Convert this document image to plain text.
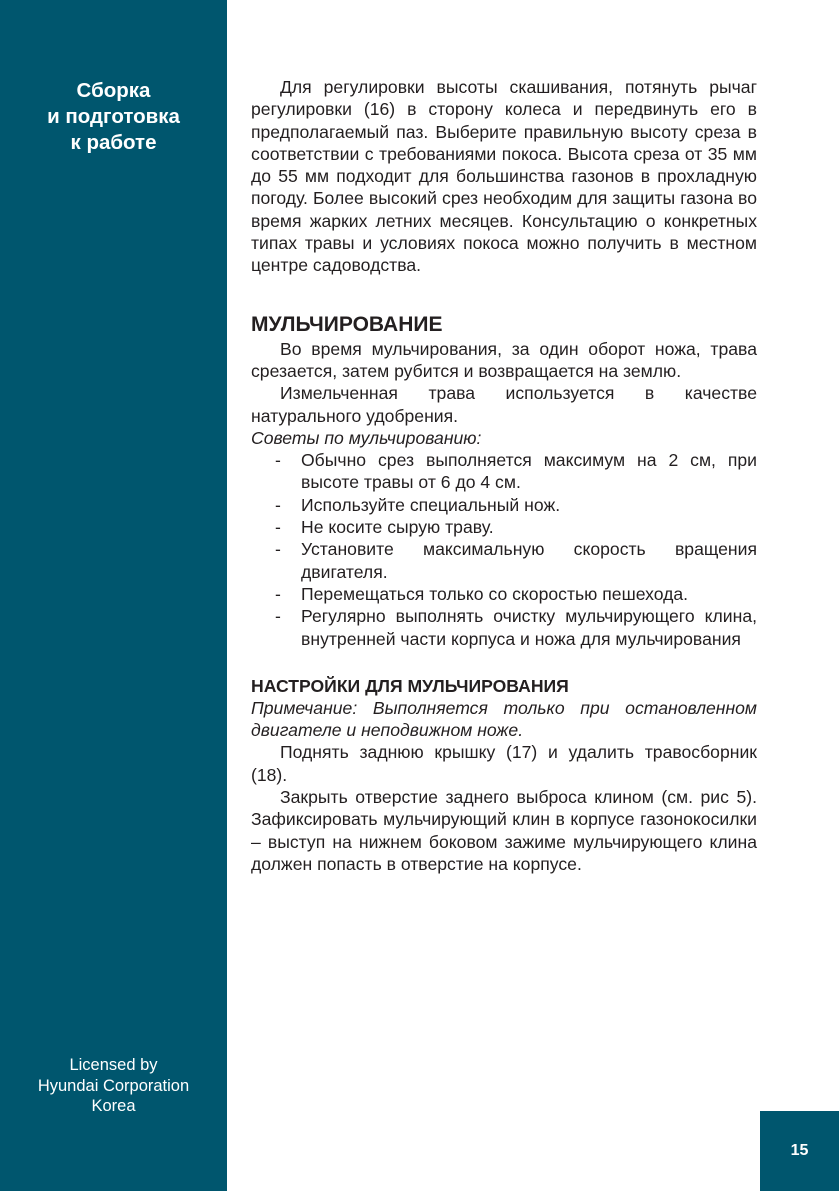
Сборка
и подготовка
к работе
Licensed by
Hyundai Corporation
Korea

Для регулировки высоты скашивания, потянуть рычаг регулировки (16) в сторону колеса и передвинуть его в предполагаемый паз. Выберите правильную высоту среза в соответствии с требованиями покоса. Высота среза от 35 мм до 55 мм подходит для большинства газонов в прохладную погоду. Более высокий срез необходим для защиты газона во время жарких летних месяцев. Консультацию о конкретных типах травы и условиях покоса можно получить в местном центре садоводства.

МУЛЬЧИРОВАНИЕ

Во время мульчирования, за один оборот ножа, трава срезается, затем рубится и возвращается на землю.

Измельченная трава используется в качестве натурального удобрения.

Советы по мульчированию:

- Обычно срез выполняется максимум на 2 см, при высоте травы от 6 до 4 см.
- Используйте специальный нож.
- Не косите сырую траву.
- Установите максимальную скорость вращения двигателя.
- Перемещаться только со скоростью пешехода.
- Регулярно выполнять очистку мульчирующего клина, внутренней части корпуса и ножа для мульчирования
НАСТРОЙКИ ДЛЯ МУЛЬЧИРОВАНИЯ

Примечание: Выполняется только при остановленном двигателе и неподвижном ноже.

Поднять заднюю крышку (17) и удалить травосборник (18).

Закрыть отверстие заднего выброса клином (см. рис 5). Зафиксировать мульчирующий клин в корпусе газонокосилки – выступ на нижнем боковом зажиме мульчирующего клина должен попасть в отверстие на корпусе.

15
